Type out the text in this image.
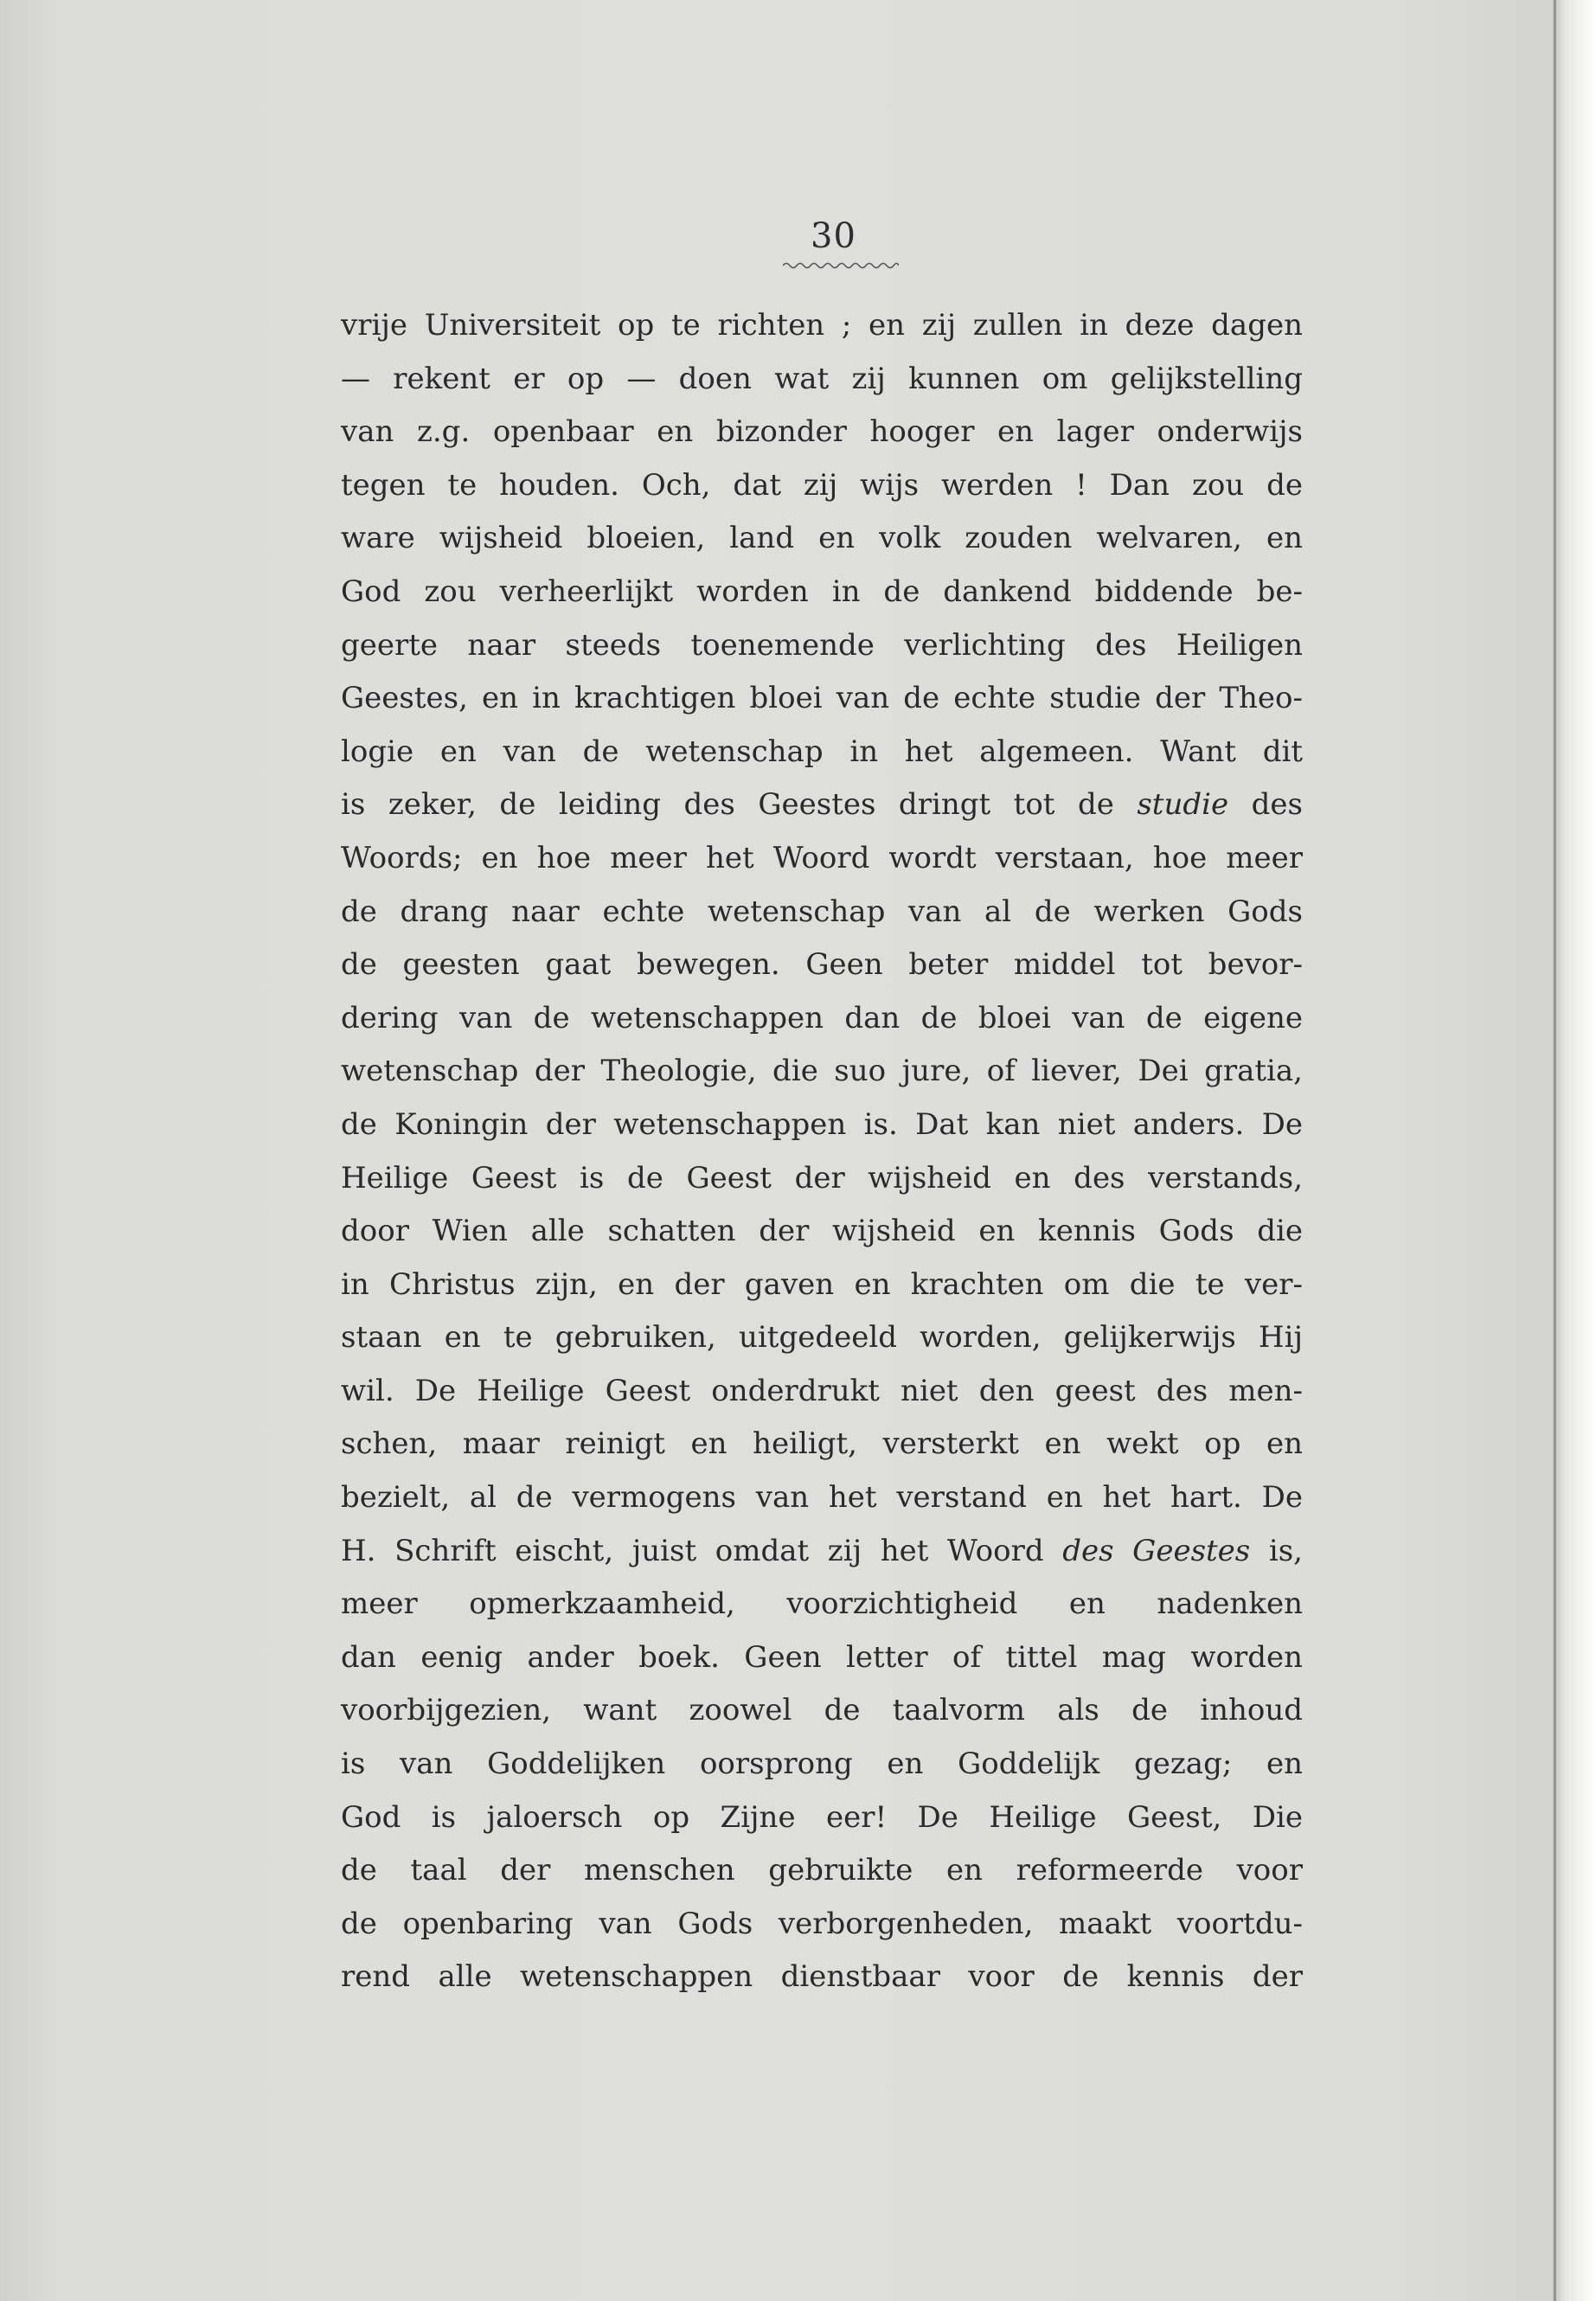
30

vrije Universiteit op te richten ; en zij zullen in deze dagen
— rekent er op — doen wat zij kunnen om gelijkstelling
van z.g. openbaar en bizonder hooger en lager onderwijs
tegen te houden. Och, dat zij wijs werden ! Dan zou de
ware wijsheid bloeien, land en volk zouden welvaren, en
God zou verheerlijkt worden in de dankend biddende be-
geerte naar steeds toenemende verlichting des Heiligen
Geestes, en in krachtigen bloei van de echte studie der Theo-
logie en van de wetenschap in het algemeen. Want dit
is zeker, de leiding des Geestes dringt tot de studie des
Woords; en hoe meer het Woord wordt verstaan, hoe meer
de drang naar echte wetenschap van al de werken Gods
de geesten gaat bewegen. Geen beter middel tot bevor-
dering van de wetenschappen dan de bloei van de eigene
wetenschap der Theologie, die suo jure, of liever, Dei gratia,
de Koningin der wetenschappen is. Dat kan niet anders. De
Heilige Geest is de Geest der wijsheid en des verstands,
door Wien alle schatten der wijsheid en kennis Gods die
in Christus zijn, en der gaven en krachten om die te ver-
staan en te gebruiken, uitgedeeld worden, gelijkerwijs Hij
wil. De Heilige Geest onderdrukt niet den geest des men-
schen, maar reinigt en heiligt, versterkt en wekt op en
bezielt, al de vermogens van het verstand en het hart. De
H. Schrift eischt, juist omdat zij het Woord des Geestes is,
meer opmerkzaamheid, voorzichtigheid en nadenken
dan eenig ander boek. Geen letter of tittel mag worden
voorbijgezien, want zoowel de taalvorm als de inhoud
is van Goddelijken oorsprong en Goddelijk gezag; en
God is jaloersch op Zijne eer! De Heilige Geest, Die
de taal der menschen gebruikte en reformeerde voor
de openbaring van Gods verborgenheden, maakt voortdu-
rend alle wetenschappen dienstbaar voor de kennis der
